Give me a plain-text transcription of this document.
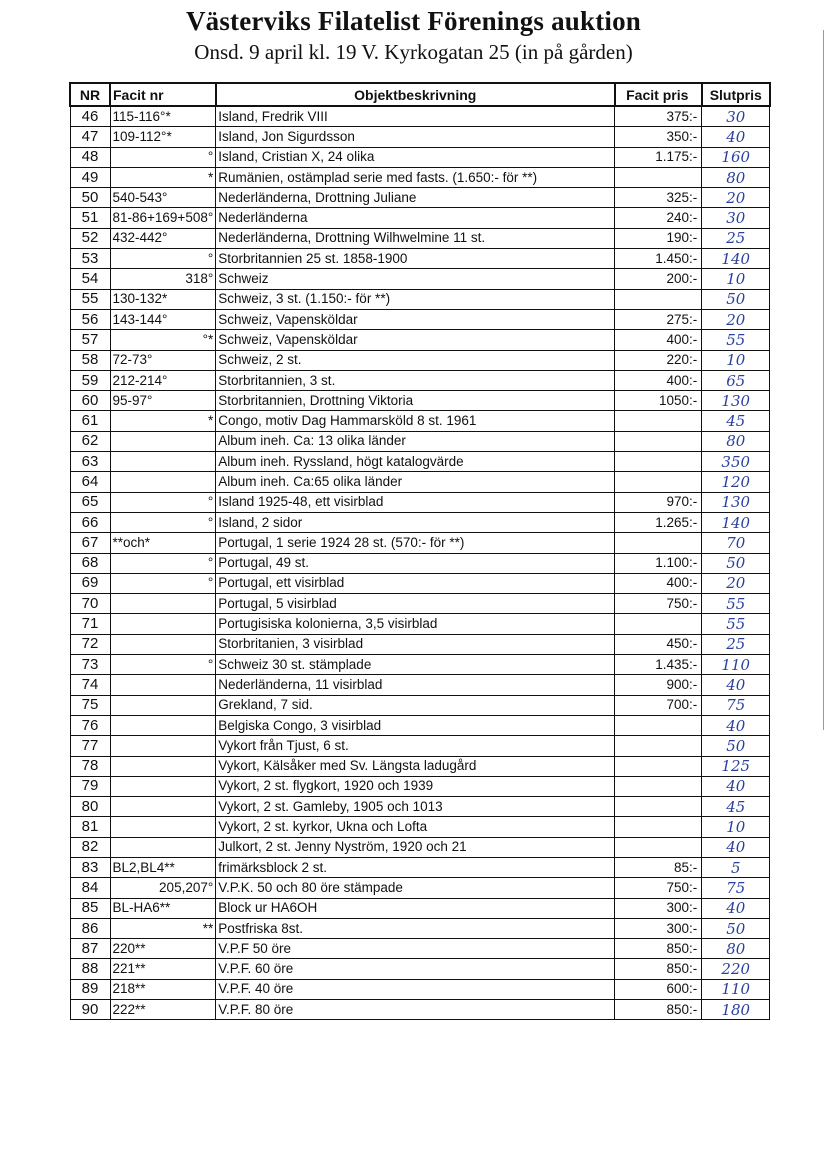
Västerviks Filatelist Förenings auktion
Onsd. 9 april kl. 19 V. Kyrkogatan 25 (in på gården)
NR	Facit nr	Objektbeskrivning	Facit pris	Slutpris
46	115-116°*	Island, Fredrik VIII	375:-	30
47	109-112°*	Island, Jon Sigurdsson	350:-	40
48	°	Island, Cristian X, 24 olika	1.175:-	160
49	*	Rumänien, ostämplad serie med fasts. (1.650:- för **)		80
50	540-543°	Nederländerna, Drottning Juliane	325:-	20
51	81-86+169+508°	Nederländerna	240:-	30
52	432-442°	Nederländerna, Drottning Wilhwelmine 11 st.	190:-	25
53	°	Storbritannien 25 st. 1858-1900	1.450:-	140
54	318°	Schweiz	200:-	10
55	130-132*	Schweiz, 3 st. (1.150:- för **)		50
56	143-144°	Schweiz, Vapensköldar	275:-	20
57	°*	Schweiz, Vapensköldar	400:-	55
58	72-73°	Schweiz, 2 st.	220:-	10
59	212-214°	Storbritannien, 3 st.	400:-	65
60	95-97°	Storbritannien, Drottning Viktoria	1050:-	130
61	*	Congo, motiv Dag Hammarsköld 8 st. 1961		45
62		Album ineh. Ca: 13 olika länder		80
63		Album ineh. Ryssland, högt katalogvärde		350
64		Album ineh. Ca:65 olika länder		120
65	°	Island 1925-48, ett visirblad	970:-	130
66	°	Island, 2 sidor	1.265:-	140
67	**och*	Portugal, 1 serie 1924 28 st. (570:- för **)		70
68	°	Portugal, 49 st.	1.100:-	50
69	°	Portugal, ett visirblad	400:-	20
70		Portugal, 5 visirblad	750:-	55
71		Portugisiska kolonierna, 3,5 visirblad		55
72		Storbritanien, 3 visirblad	450:-	25
73	°	Schweiz 30 st. stämplade	1.435:-	110
74		Nederländerna, 11 visirblad	900:-	40
75		Grekland, 7 sid.	700:-	75
76		Belgiska Congo, 3 visirblad		40
77		Vykort från Tjust, 6 st.		50
78		Vykort, Kälsåker med Sv. Längsta ladugård		125
79		Vykort, 2 st. flygkort, 1920 och 1939		40
80		Vykort, 2 st. Gamleby, 1905 och 1013		45
81		Vykort, 2 st. kyrkor, Ukna och Lofta		10
82		Julkort, 2 st. Jenny Nyström, 1920 och 21		40
83	BL2,BL4**	frimärksblock 2 st.	85:-	5
84	205,207°	V.P.K. 50 och 80 öre stämpade	750:-	75
85	BL-HA6**	Block ur HA6OH	300:-	40
86	**	Postfriska 8st.	300:-	50
87	220**	V.P.F 50 öre	850:-	80
88	221**	V.P.F. 60 öre	850:-	220
89	218**	V.P.F. 40 öre	600:-	110
90	222**	V.P.F. 80 öre	850:-	180
